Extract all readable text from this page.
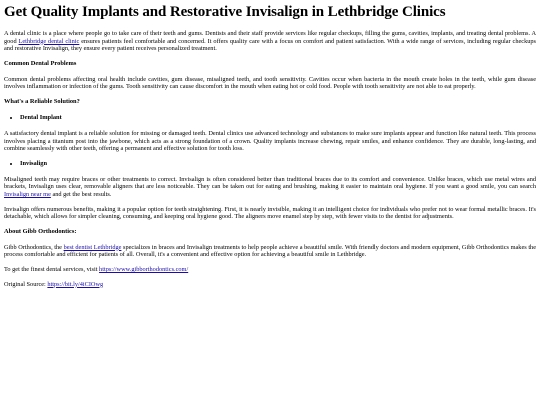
Get Quality Implants and Restorative Invisalign in Lethbridge Clinics

A dental clinic is a place where people go to take care of their teeth and gums. Dentists and their staff provide services like regular checkups, filling the gums, cavities, implants, and treating dental problems. A good Lethbridge dental clinic ensures patients feel comfortable and concerned. It offers quality care with a focus on comfort and patient satisfaction. With a wide range of services, including regular checkups and restorative Invisalign, they ensure every patient receives personalized treatment.

Common Dental Problems

Common dental problems affecting oral health include cavities, gum disease, misaligned teeth, and tooth sensitivity. Cavities occur when bacteria in the mouth create holes in the teeth, while gum disease involves inflammation or infection of the gums. Tooth sensitivity can cause discomfort in the mouth when eating hot or cold food. People with tooth sensitivity are not able to eat properly.

What's a Reliable Solution?
• Dental Implant

A satisfactory dental implant is a reliable solution for missing or damaged teeth. Dental clinics use advanced technology and substances to make sure implants appear and function like natural teeth. This process involves placing a titanium post into the jawbone, which acts as a strong foundation of a crown. Quality implants increase chewing, repair smiles, and enhance confidence. They are durable, long-lasting, and combine seamlessly with other teeth, offering a permanent and effective solution for tooth loss.

• Invisalign

Misaligned teeth may require braces or other treatments to correct. Invisalign is often considered better than traditional braces due to its comfort and convenience. Unlike braces, which use metal wires and brackets, Invisalign uses clear, removable aligners that are less noticeable. They can be taken out for eating and brushing, making it easier to maintain oral hygiene. If you want a good smile, you can search Invisalign near me and get the best results.

Invisalign offers numerous benefits, making it a popular option for teeth straightening. First, it is nearly invisible, making it an intelligent choice for individuals who prefer not to wear formal metallic braces. It's detachable, which allows for simpler cleaning, consuming, and keeping oral hygiene good. The aligners move enamel step by step, with fewer visits to the dentist for adjustments.

About Gibb Orthodontics:

Gibb Orthodontics, the best dentist Lethbridge specializes in braces and Invisalign treatments to help people achieve a beautiful smile. With friendly doctors and modern equipment, Gibb Orthodontics makes the process comfortable and efficient for patients of all. Overall, it's a convenient and effective option for achieving a beautiful smile in Lethbridge.

To get the finest dental services, visit https://www.gibborthodontics.com/

Original Source: https://bit.ly/4iCIOwg
